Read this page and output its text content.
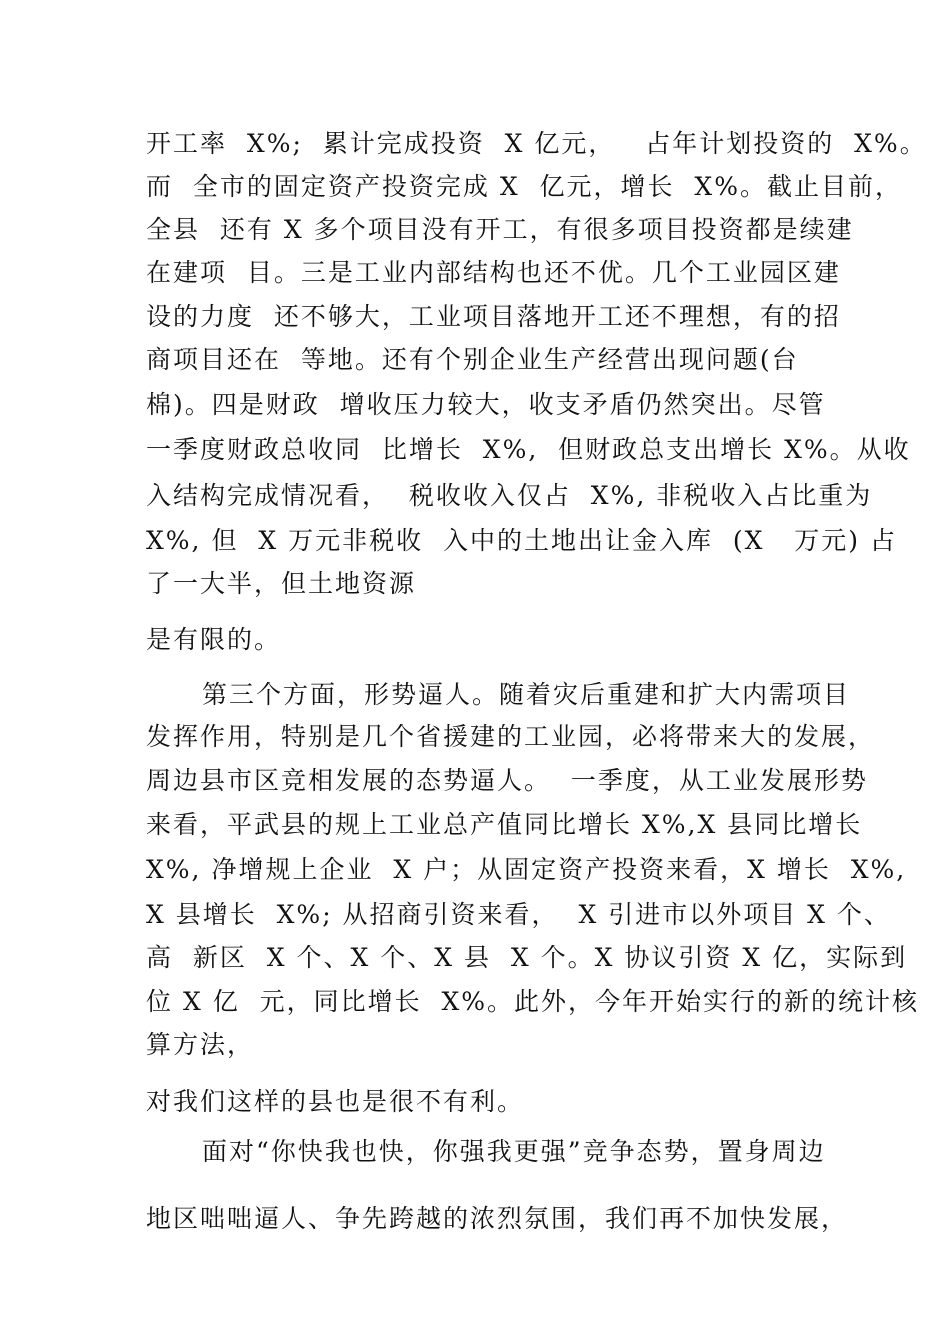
开工率  X%;  累计完成投资  X 亿元，   占年计划投资的  X%。
而  全市的固定资产投资完成 X  亿元，增长  X%。截止目前，
全县  还有 X 多个项目没有开工，有很多项目投资都是续建
在建项  目。三是工业内部结构也还不优。几个工业园区建
设的力度  还不够大，工业项目落地开工还不理想，有的招
商项目还在  等地。还有个别企业生产经营出现问题(台
棉)。四是财政  增收压力较大，收支矛盾仍然突出。尽管
一季度财政总收同  比增长  X%,  但财政总支出增长 X%。从收
入结构完成情况看，  税收收入仅占  X%, 非税收入占比重为
X%, 但  X 万元非税收  入中的土地出让金入库  (X   万元) 占
了一大半，但土地资源
是有限的。
第三个方面，形势逼人。随着灾后重建和扩大内需项目
发挥作用，特别是几个省援建的工业园，必将带来大的发展，
周边县市区竞相发展的态势逼人。  一季度，从工业发展形势
来看，平武县的规上工业总产值同比增长 X%,X 县同比增长
X%, 净增规上企业  X 户；从固定资产投资来看，X 增长  X%,
X 县增长  X%; 从招商引资来看，  X 引进市以外项目 X 个、
高  新区  X 个、X 个、X 县  X 个。X 协议引资 X 亿，实际到
位 X 亿  元，同比增长  X%。此外，今年开始实行的新的统计核
算方法，
对我们这样的县也是很不有利。
面对“你快我也快，你强我更强”竞争态势，置身周边
地区咄咄逼人、争先跨越的浓烈氛围，我们再不加快发展，
